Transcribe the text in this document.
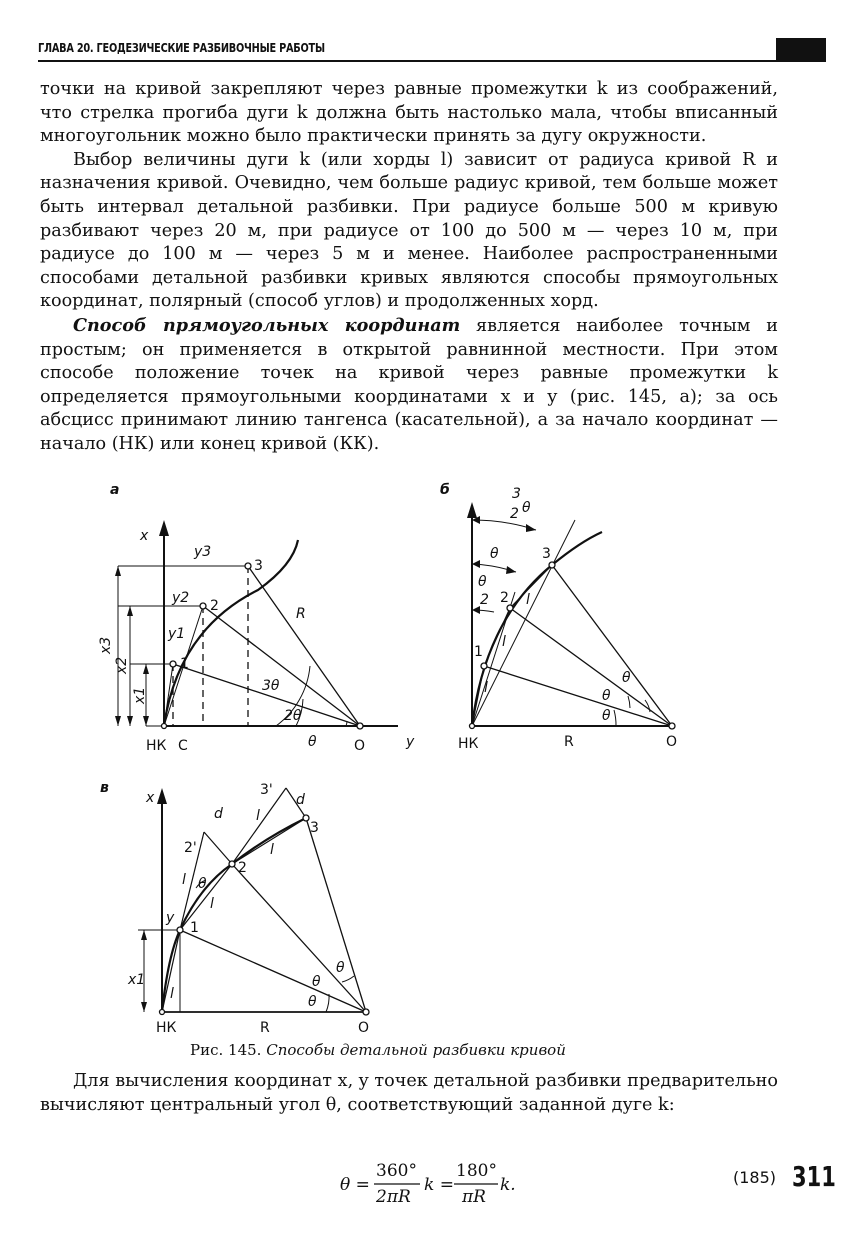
ГЛАВА 20. ГЕОДЕЗИЧЕСКИЕ РАЗБИВОЧНЫЕ РАБОТЫ

точки на кривой закрепляют через равные промежутки k из соображений, что стрелка прогиба дуги k должна быть настолько мала, чтобы вписанный многоугольник можно было практически принять за дугу окружности.

Выбор величины дуги k (или хорды l) зависит от радиуса кривой R и назначения кривой. Очевидно, чем больше радиус кривой, тем больше может быть интервал детальной разбивки. При радиусе больше 500 м кривую разбивают через 20 м, при радиусе от 100 до 500 м — через 10 м, при радиусе до 100 м — через 5 м и менее. Наиболее распространенными способами детальной разбивки кривых являются способы прямоугольных координат, полярный (способ углов) и продолженных хорд.

Способ прямоугольных координат является наиболее точным и простым; он применяется в открытой равнинной местности. При этом способе положение точек на кривой через равные промежутки k определяется прямоугольными координатами x и y (рис. 145, а); за ось абсцисс принимают линию тангенса (касательной), а за начало координат — начало (НК) или конец кривой (КК).

а
x
y
y3
y2
y1
x3
x2
x1
R
3θ
2θ
θ
1
2
3
НК С	О
б	3
2 θ
θ
θ
2
l
l
l
θ
θ
θ
1
2
3
НК	R	О
в
x
y
x1
d
d
l
l
l
l
l
θ
θ
θ
θ
1
2
3
2'
3'
НК	R	О
Рис. 145. Способы детальной разбивки кривой

Для вычисления координат x, y точек детальной разбивки предварительно вычисляют центральный угол θ, соответствующий заданной дуге k:

θ =
360°
2πR
k =
180°
πR
k.	(185) 311
